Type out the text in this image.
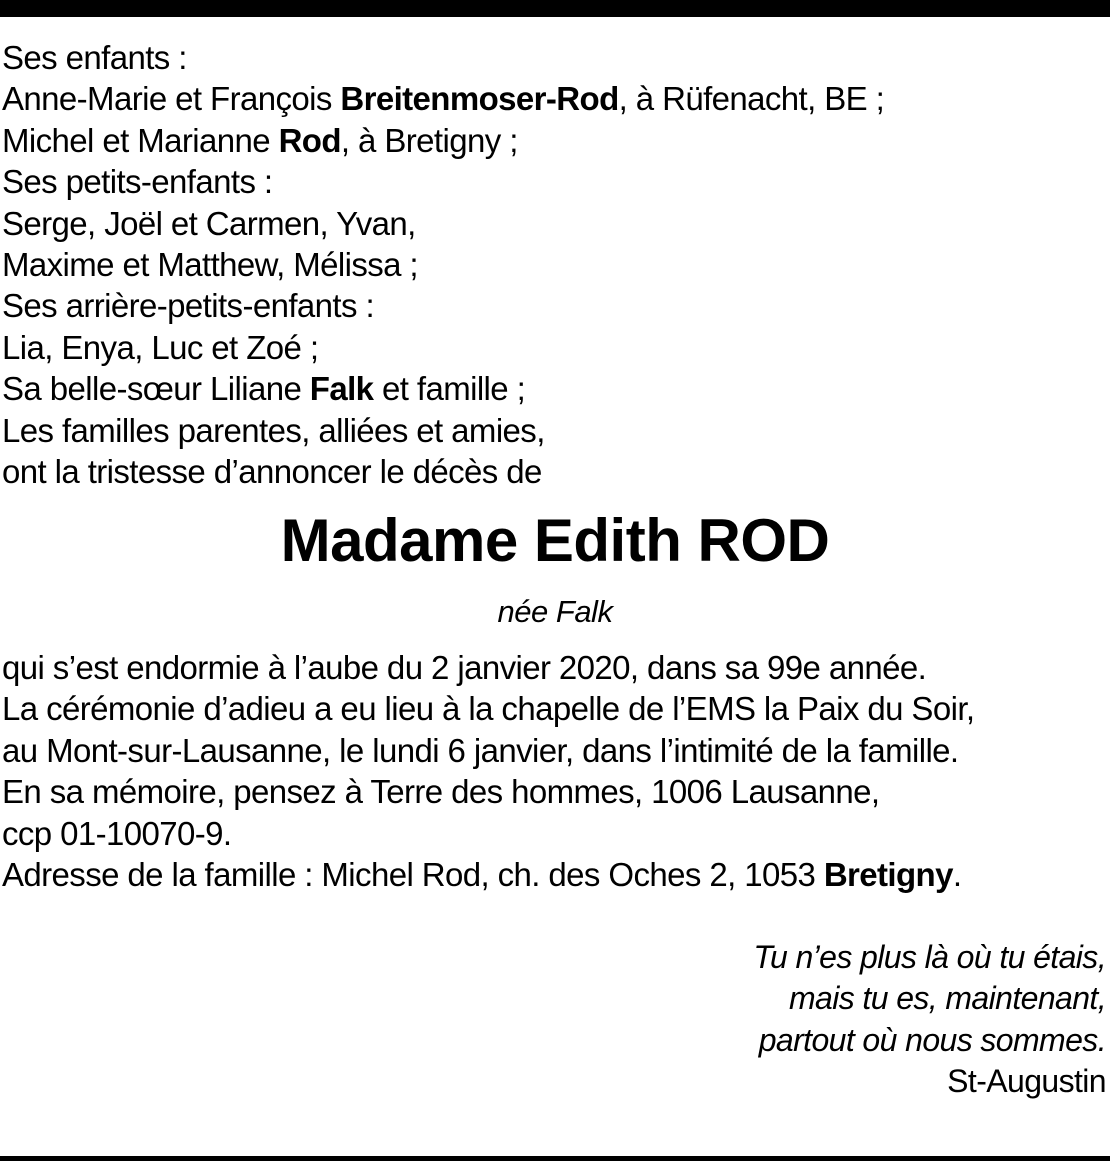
Ses enfants :
Anne-Marie et François Breitenmoser-Rod, à Rüfenacht, BE ;
Michel et Marianne Rod, à Bretigny ;
Ses petits-enfants :
Serge, Joël et Carmen, Yvan,
Maxime et Matthew, Mélissa ;
Ses arrière-petits-enfants :
Lia, Enya, Luc et Zoé ;
Sa belle-sœur Liliane Falk et famille ;
Les familles parentes, alliées et amies,
ont la tristesse d’annoncer le décès de
Madame Edith ROD
née Falk
qui s’est endormie à l’aube du 2 janvier 2020, dans sa 99e année.
La cérémonie d’adieu a eu lieu à la chapelle de l’EMS la Paix du Soir,
au Mont-sur-Lausanne, le lundi 6 janvier, dans l’intimité de la famille.
En sa mémoire, pensez à Terre des hommes, 1006 Lausanne,
ccp 01-10070-9.
Adresse de la famille : Michel Rod, ch. des Oches 2, 1053 Bretigny.
Tu n’es plus là où tu étais,
mais tu es, maintenant,
partout où nous sommes.
St-Augustin
